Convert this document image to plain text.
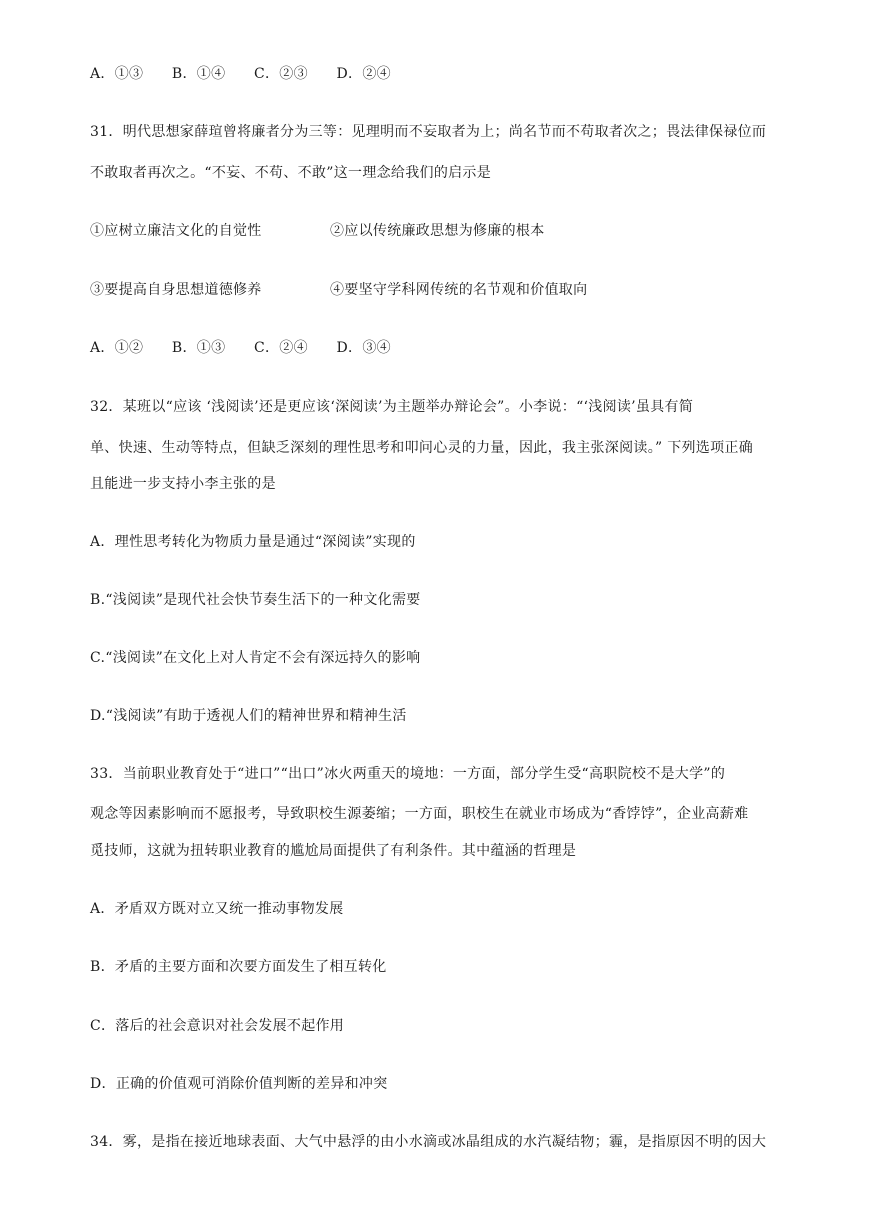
A．①③　　B．①④　　C．②③　　D．②④
31．明代思想家薛瑄曾将廉者分为三等：见理明而不妄取者为上；尚名节而不苟取者次之；畏法律保禄位而
不敢取者再次之。“不妄、不苟、不敢”这一理念给我们的启示是
①应树立廉洁文化的自觉性	②应以传统廉政思想为修廉的根本
③要提高自身思想道德修养	④要坚守学科网传统的名节观和价值取向
A．①②　　B．①③　　C．②④　　D．③④
32．某班以“应该 ‘浅阅读’还是更应该‘深阅读’为主题举办辩论会”。小李说：“‘浅阅读’虽具有简
单、快速、生动等特点，但缺乏深刻的理性思考和叩问心灵的力量，因此，我主张深阅读。” 下列选项正确
且能进一步支持小李主张的是
A．理性思考转化为物质力量是通过“深阅读”实现的
B.“浅阅读”是现代社会快节奏生活下的一种文化需要
C.“浅阅读”在文化上对人肯定不会有深远持久的影响
D.“浅阅读”有助于透视人们的精神世界和精神生活
33．当前职业教育处于“进口”“出口”冰火两重天的境地：一方面，部分学生受“高职院校不是大学”的
观念等因素影响而不愿报考，导致职校生源萎缩；一方面，职校生在就业市场成为“香饽饽”，企业高薪难
觅技师，这就为扭转职业教育的尴尬局面提供了有利条件。其中蕴涵的哲理是
A．矛盾双方既对立又统一推动事物发展
B．矛盾的主要方面和次要方面发生了相互转化
C．落后的社会意识对社会发展不起作用
D．正确的价值观可消除价值判断的差异和冲突
34．雾，是指在接近地球表面、大气中悬浮的由小水滴或冰晶组成的水汽凝结物；霾，是指原因不明的因大
